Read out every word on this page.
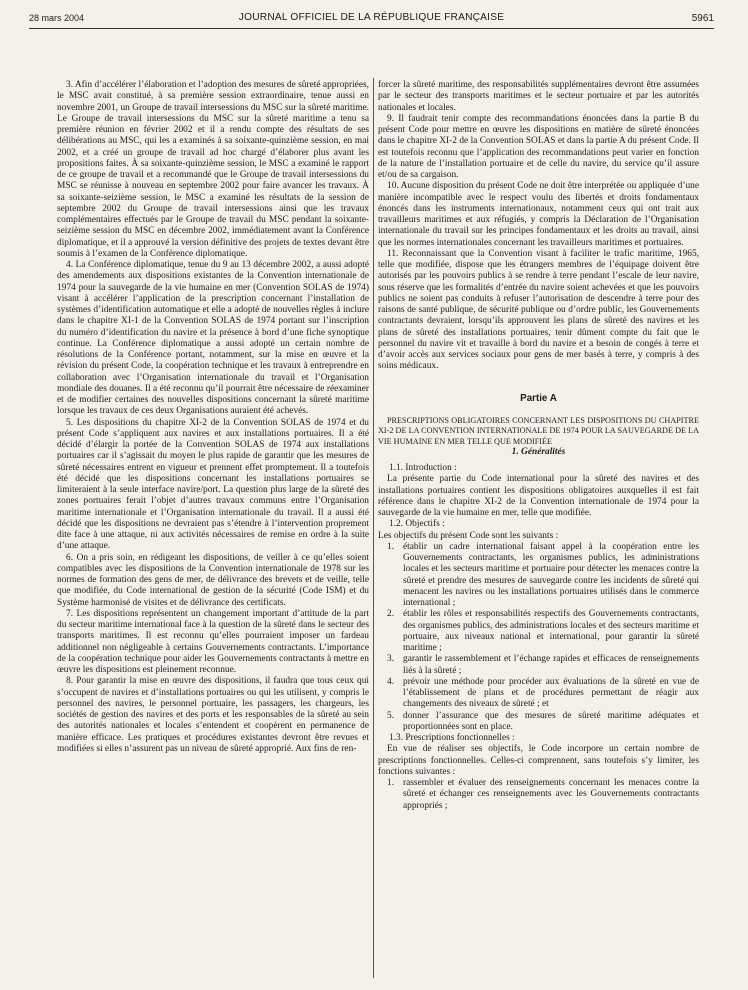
28 mars 2004	JOURNAL OFFICIEL DE LA RÉPUBLIQUE FRANÇAISE	5961

3. Afin d’accélérer l’élaboration et l’adoption des mesures de sûreté appropriées, le MSC avait constitué, à sa première session extraordinaire, tenue aussi en novembre 2001, un Groupe de travail intersessions du MSC sur la sûreté maritime. Le Groupe de travail intersessions du MSC sur la sûreté maritime a tenu sa première réunion en février 2002 et il a rendu compte des résultats de ses délibérations au MSC, qui les a examinés à sa soixante-quinzième session, en mai 2002, et a créé un groupe de travail ad hoc chargé d’élaborer plus avant les propositions faites. À sa soixante-quinzième session, le MSC a examiné le rapport de ce groupe de travail et a recommandé que le Groupe de travail intersessions du MSC se réunisse à nouveau en septembre 2002 pour faire avancer les travaux. À sa soixante-seizième session, le MSC a examiné les résultats de la session de septembre 2002 du Groupe de travail intersessions ainsi que les travaux complémentaires effectués par le Groupe de travail du MSC pendant la soixante-seizième session du MSC en décembre 2002, immédiatement avant la Conférence diplomatique, et il a approuvé la version définitive des projets de textes devant être soumis à l’examen de la Conférence diplomatique.

4. La Conférence diplomatique, tenue du 9 au 13 décembre 2002, a aussi adopté des amendements aux dispositions existantes de la Convention internationale de 1974 pour la sauvegarde de la vie humaine en mer (Convention SOLAS de 1974) visant à accélérer l’application de la prescription concernant l’installation de systèmes d’identification automatique et elle a adopté de nouvelles règles à inclure dans le chapitre XI-1 de la Convention SOLAS de 1974 portant sur l’inscription du numéro d’identification du navire et la présence à bord d’une fiche synoptique continue. La Conférence diplomatique a aussi adopté un certain nombre de résolutions de la Conférence portant, notamment, sur la mise en œuvre et la révision du présent Code, la coopération technique et les travaux à entreprendre en collaboration avec l’Organisation internationale du travail et l’Organisation mondiale des douanes. Il a été reconnu qu’il pourrait être nécessaire de réexaminer et de modifier certaines des nouvelles dispositions concernant la sûreté maritime lorsque les travaux de ces deux Organisations auraient été achevés.

5. Les dispositions du chapitre XI-2 de la Convention SOLAS de 1974 et du présent Code s’appliquent aux navires et aux installations portuaires. Il a été décidé d’élargir la portée de la Convention SOLAS de 1974 aux installations portuaires car il s’agissait du moyen le plus rapide de garantir que les mesures de sûreté nécessaires entrent en vigueur et prennent effet promptement. Il a toutefois été décidé que les dispositions concernant les installations portuaires se limiteraient à la seule interface navire/port. La question plus large de la sûreté des zones portuaires ferait l’objet d’autres travaux communs entre l’Organisation maritime internationale et l’Organisation internationale du travail. Il a aussi été décidé que les dispositions ne devraient pas s’étendre à l’intervention proprement dite face à une attaque, ni aux activités nécessaires de remise en ordre à la suite d’une attaque.

6. On a pris soin, en rédigeant les dispositions, de veiller à ce qu’elles soient compatibles avec les dispositions de la Convention internationale de 1978 sur les normes de formation des gens de mer, de délivrance des brevets et de veille, telle que modifiée, du Code international de gestion de la sécurité (Code ISM) et du Système harmonisé de visites et de délivrance des certificats.

7. Les dispositions représentent un changement important d’attitude de la part du secteur maritime international face à la question de la sûreté dans le secteur des transports maritimes. Il est reconnu qu’elles pourraient imposer un fardeau additionnel non négligeable à certains Gouvernements contractants. L’importance de la coopération technique pour aider les Gouvernements contractants à mettre en œuvre les dispositions est pleinement reconnue.

8. Pour garantir la mise en œuvre des dispositions, il faudra que tous ceux qui s’occupent de navires et d’installations portuaires ou qui les utilisent, y compris le personnel des navires, le personnel portuaire, les passagers, les chargeurs, les sociétés de gestion des navires et des ports et les responsables de la sûreté au sein des autorités nationales et locales s’entendent et coopèrent en permanence de manière efficace. Les pratiques et procédures existantes devront être revues et modifiées si elles n’assurent pas un niveau de sûreté approprié. Aux fins de ren-

forcer la sûreté maritime, des responsabilités supplémentaires devront être assumées par le secteur des transports maritimes et le secteur portuaire et par les autorités nationales et locales.

9. Il faudrait tenir compte des recommandations énoncées dans la partie B du présent Code pour mettre en œuvre les dispositions en matière de sûreté énoncées dans le chapitre XI-2 de la Convention SOLAS et dans la partie A du présent Code. Il est toutefois reconnu que l’application des recommandations peut varier en fonction de la nature de l’installation portuaire et de celle du navire, du service qu’il assure et/ou de sa cargaison.

10. Aucune disposition du présent Code ne doit être interprétée ou appliquée d’une manière incompatible avec le respect voulu des libertés et droits fondamentaux énoncés dans les instruments internationaux, notamment ceux qui ont trait aux travailleurs maritimes et aux réfugiés, y compris la Déclaration de l’Organisation internationale du travail sur les principes fondamentaux et les droits au travail, ainsi que les normes internationales concernant les travailleurs maritimes et portuaires.

11. Reconnaissant que la Convention visant à faciliter le trafic maritime, 1965, telle que modifiée, dispose que les étrangers membres de l’équipage doivent être autorisés par les pouvoirs publics à se rendre à terre pendant l’escale de leur navire, sous réserve que les formalités d’entrée du navire soient achevées et que les pouvoirs publics ne soient pas conduits à refuser l’autorisation de descendre à terre pour des raisons de santé publique, de sécurité publique ou d’ordre public, les Gouvernements contractants devraient, lorsqu’ils approuvent les plans de sûreté des navires et les plans de sûreté des installations portuaires, tenir dûment compte du fait que le personnel du navire vit et travaille à bord du navire et a besoin de congés à terre et d’avoir accès aux services sociaux pour gens de mer basés à terre, y compris à des soins médicaux.

Partie A

PRESCRIPTIONS OBLIGATOIRES CONCERNANT LES DISPOSITIONS DU CHAPITRE XI-2 DE LA CONVENTION INTERNATIONALE DE 1974 POUR LA SAUVEGARDE DE LA VIE HUMAINE EN MER TELLE QUE MODIFIÉE

1. Généralités

1.1. Introduction :

La présente partie du Code international pour la sûreté des navires et des installations portuaires contient les dispositions obligatoires auxquelles il est fait référence dans le chapitre XI-2 de la Convention internationale de 1974 pour la sauvegarde de la vie humaine en mer, telle que modifiée.

1.2. Objectifs :

Les objectifs du présent Code sont les suivants :

1. établir un cadre international faisant appel à la coopération entre les Gouvernements contractants, les organismes publics, les administrations locales et les secteurs maritime et portuaire pour détecter les menaces contre la sûreté et prendre des mesures de sauvegarde contre les incidents de sûreté qui menacent les navires ou les installations portuaires utilisés dans le commerce international ;
2. établir les rôles et responsabilités respectifs des Gouvernements contractants, des organismes publics, des administrations locales et des secteurs maritime et portuaire, aux niveaux national et international, pour garantir la sûreté maritime ;
3. garantir le rassemblement et l’échange rapides et efficaces de renseignements liés à la sûreté ;
4. prévoir une méthode pour procéder aux évaluations de la sûreté en vue de l’établissement de plans et de procédures permettant de réagir aux changements des niveaux de sûreté ; et
5. donner l’assurance que des mesures de sûreté maritime adéquates et proportionnées sont en place.

1.3. Prescriptions fonctionnelles :

En vue de réaliser ses objectifs, le Code incorpore un certain nombre de prescriptions fonctionnelles. Celles-ci comprennent, sans toutefois s’y limiter, les fonctions suivantes :

1. rassembler et évaluer des renseignements concernant les menaces contre la sûreté et échanger ces renseignements avec les Gouvernements contractants appropriés ;
